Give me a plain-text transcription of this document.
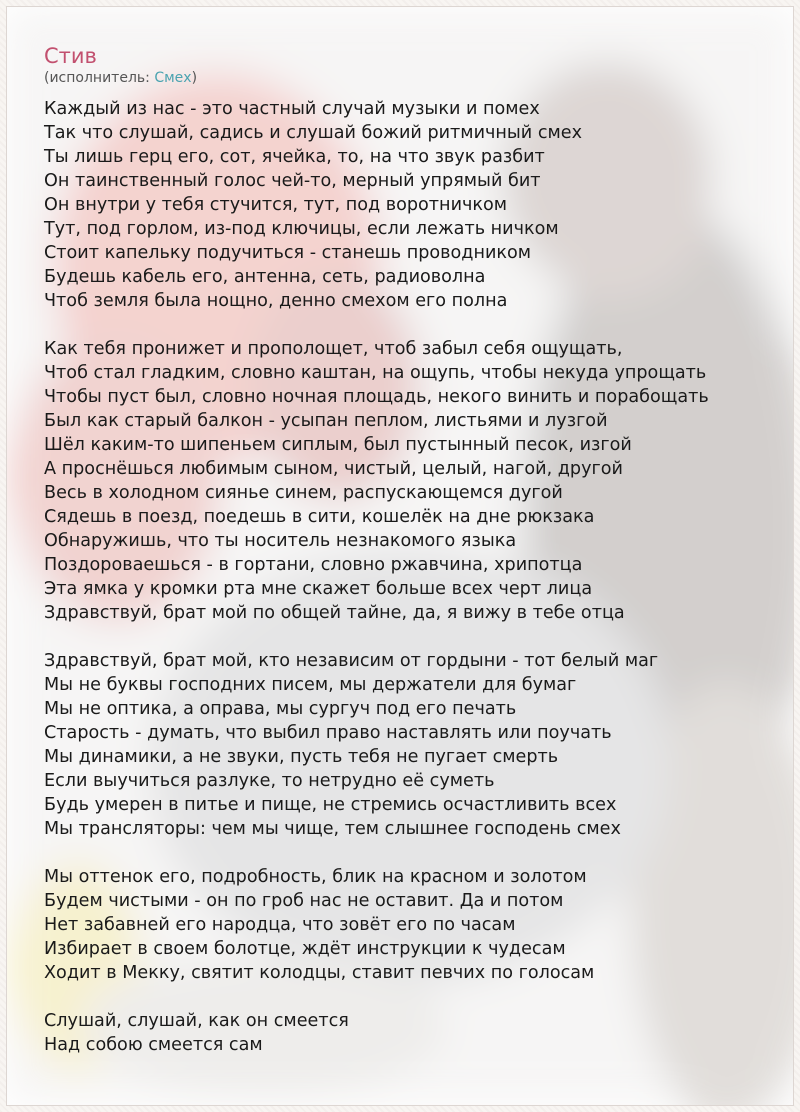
Стив
(исполнитель: Смех)
Каждый из нас - это частный случай музыки и помех
Так что слушай, садись и слушай божий ритмичный смех
Ты лишь герц его, сот, ячейка, то, на что звук разбит
Он таинственный голос чей-то, мерный упрямый бит
Он внутри у тебя стучится, тут, под воротничком
Тут, под горлом, из-под ключицы, если лежать ничком
Стоит капельку подучиться - станешь проводником
Будешь кабель его, антенна, сеть, радиоволна
Чтоб земля была нощно, денно смехом его полна
Как тебя пронижет и прополощет, чтоб забыл себя ощущать,
Чтоб стал гладким, словно каштан, на ощупь, чтобы некуда упрощать
Чтобы пуст был, словно ночная площадь, некого винить и порабощать
Был как старый балкон - усыпан пеплом, листьями и лузгой
Шёл каким-то шипеньем сиплым, был пустынный песок, изгой
А проснёшься любимым сыном, чистый, целый, нагой, другой
Весь в холодном сиянье синем, распускающемся дугой
Сядешь в поезд, поедешь в сити, кошелёк на дне рюкзака
Обнаружишь, что ты носитель незнакомого языка
Поздороваешься - в гортани, словно ржавчина, хрипотца
Эта ямка у кромки рта мне скажет больше всех черт лица
Здравствуй, брат мой по общей тайне, да, я вижу в тебе отца
Здравствуй, брат мой, кто независим от гордыни - тот белый маг
Мы не буквы господних писем, мы держатели для бумаг
Мы не оптика, а оправа, мы сургуч под его печать
Старость - думать, что выбил право наставлять или поучать
Мы динамики, а не звуки, пусть тебя не пугает смерть
Если выучиться разлуке, то нетрудно её суметь
Будь умерен в питье и пище, не стремись осчастливить всех
Мы трансляторы: чем мы чище, тем слышнее господень смех
Мы оттенок его, подробность, блик на красном и золотом
Будем чистыми - он по гроб нас не оставит. Да и потом
Нет забавней его народца, что зовёт его по часам
Избирает в своем болотце, ждёт инструкции к чудесам
Ходит в Мекку, святит колодцы, ставит певчих по голосам
Слушай, слушай, как он смеется
Над собою смеется сам
